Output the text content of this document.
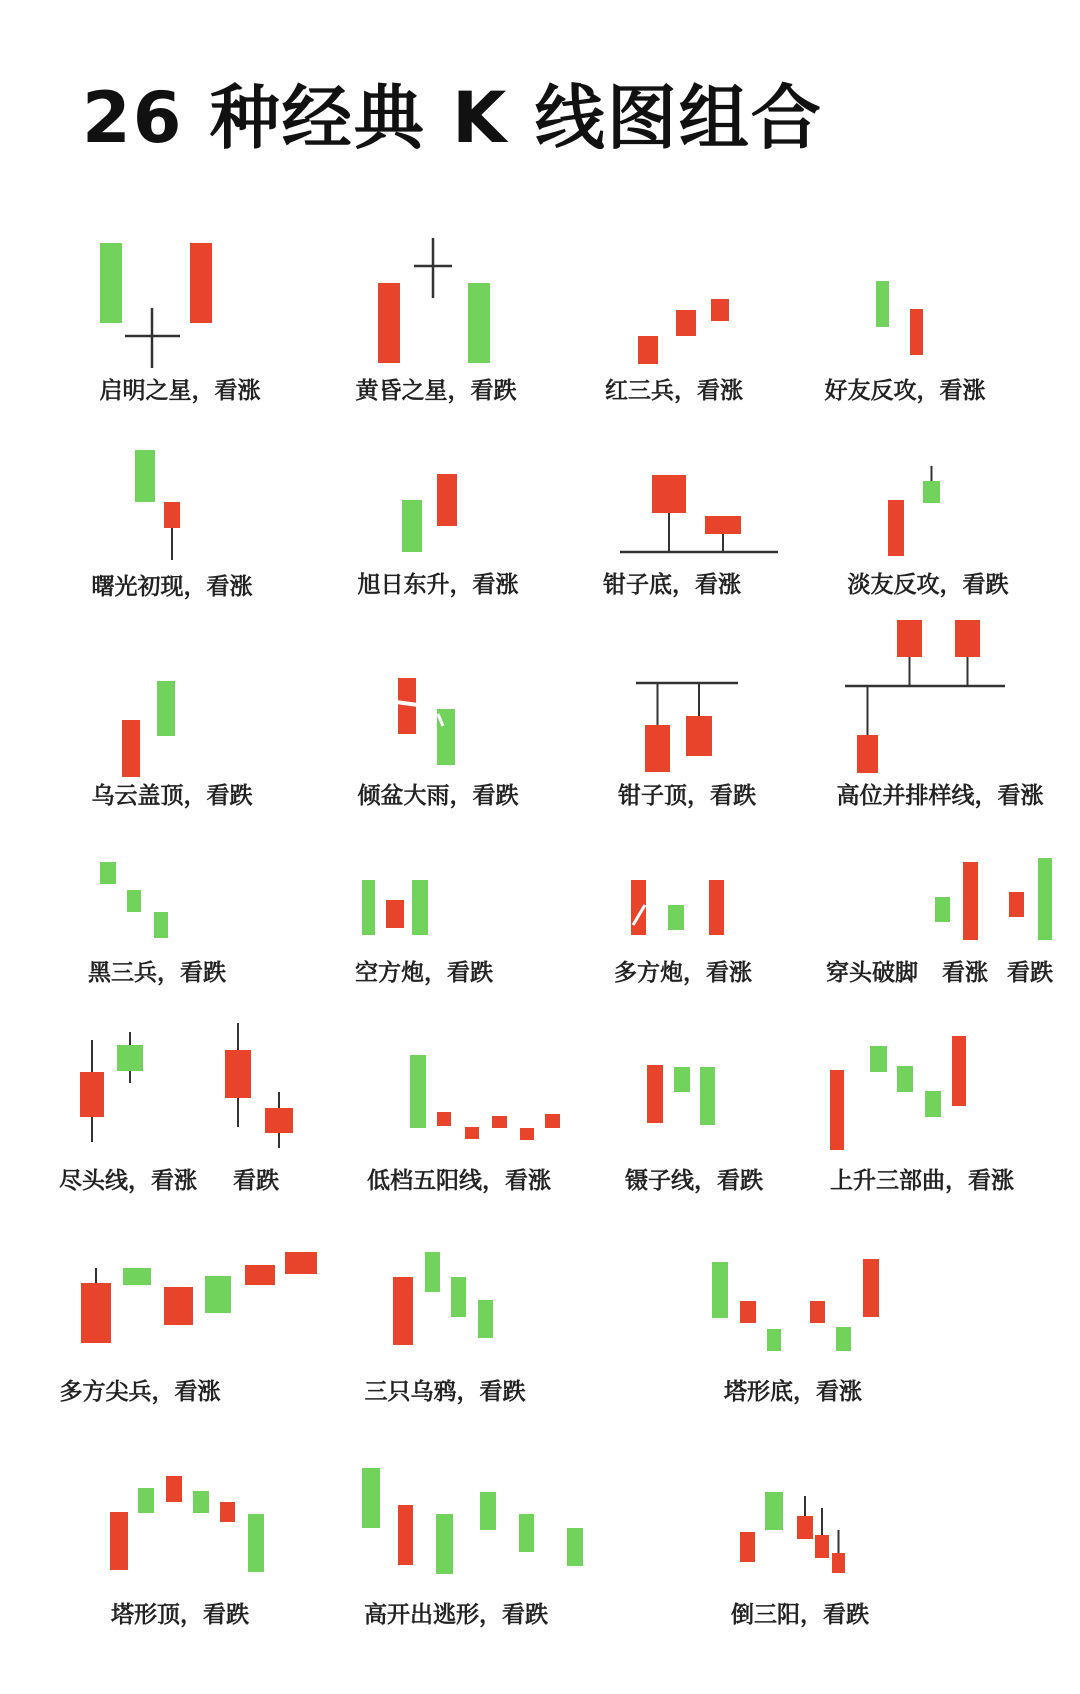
启明之星，看涨	黄昏之星，看跌	红三兵，看涨	好友反攻，看涨
曙光初现，看涨	旭日东升，看涨	钳子底，看涨	淡友反攻，看跌
乌云盖顶，看跌	倾盆大雨，看跌	钳子顶，看跌	高位并排样线，看涨
黑三兵，看跌	空方炮，看跌	多方炮，看涨	穿头破脚 看涨 看跌
尽头线，看涨 看跌	低档五阳线，看涨	镊子线，看跌	上升三部曲，看涨
多方尖兵，看涨	三只乌鸦，看跌	塔形底，看涨
塔形顶，看跌	高开出逃形，看跌	倒三阳，看跌
26 种经典 K 线图组合
